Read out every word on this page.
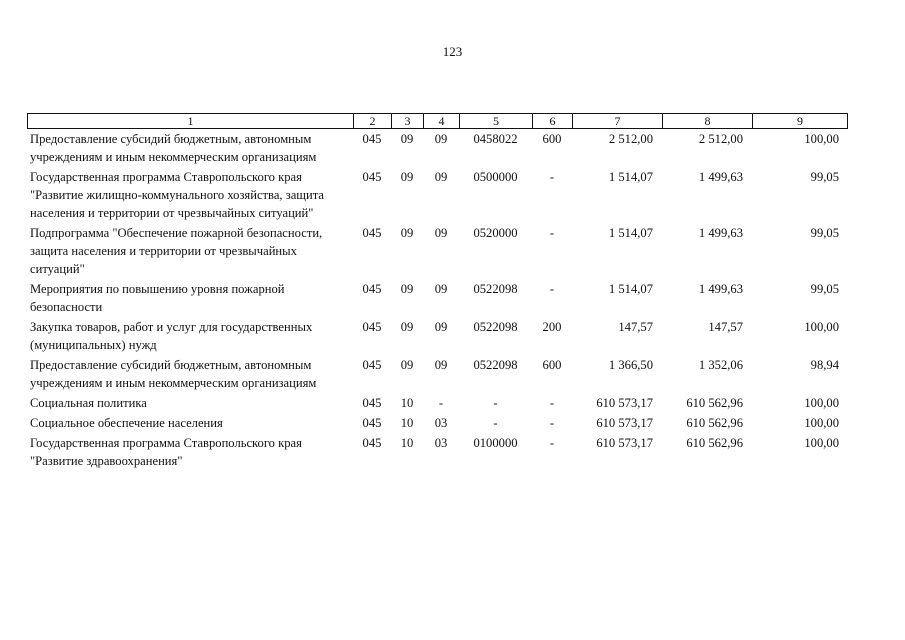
123
1	2	3	4	5	6	7	8	9
Предоставление субсидий бюджетным, автономным учреждениям и иным некоммерческим организациям	045	09	09	0458022	600	2 512,00	2 512,00	100,00
Государственная программа Ставропольского края "Развитие жилищно-коммунального хозяйства, защита населения и территории от чрезвычайных ситуаций"	045	09	09	0500000	-	1 514,07	1 499,63	99,05
Подпрограмма "Обеспечение пожарной безопасности, защита населения и территории от чрезвычайных ситуаций"	045	09	09	0520000	-	1 514,07	1 499,63	99,05
Мероприятия по повышению уровня пожарной безопасности	045	09	09	0522098	-	1 514,07	1 499,63	99,05
Закупка товаров, работ и услуг для государственных (муниципальных) нужд	045	09	09	0522098	200	147,57	147,57	100,00
Предоставление субсидий бюджетным, автономным учреждениям и иным некоммерческим организациям	045	09	09	0522098	600	1 366,50	1 352,06	98,94
Социальная политика	045	10	-	-	-	610 573,17	610 562,96	100,00
Социальное обеспечение населения	045	10	03	-	-	610 573,17	610 562,96	100,00
Государственная программа Ставропольского края "Развитие здравоохранения"	045	10	03	0100000	-	610 573,17	610 562,96	100,00
